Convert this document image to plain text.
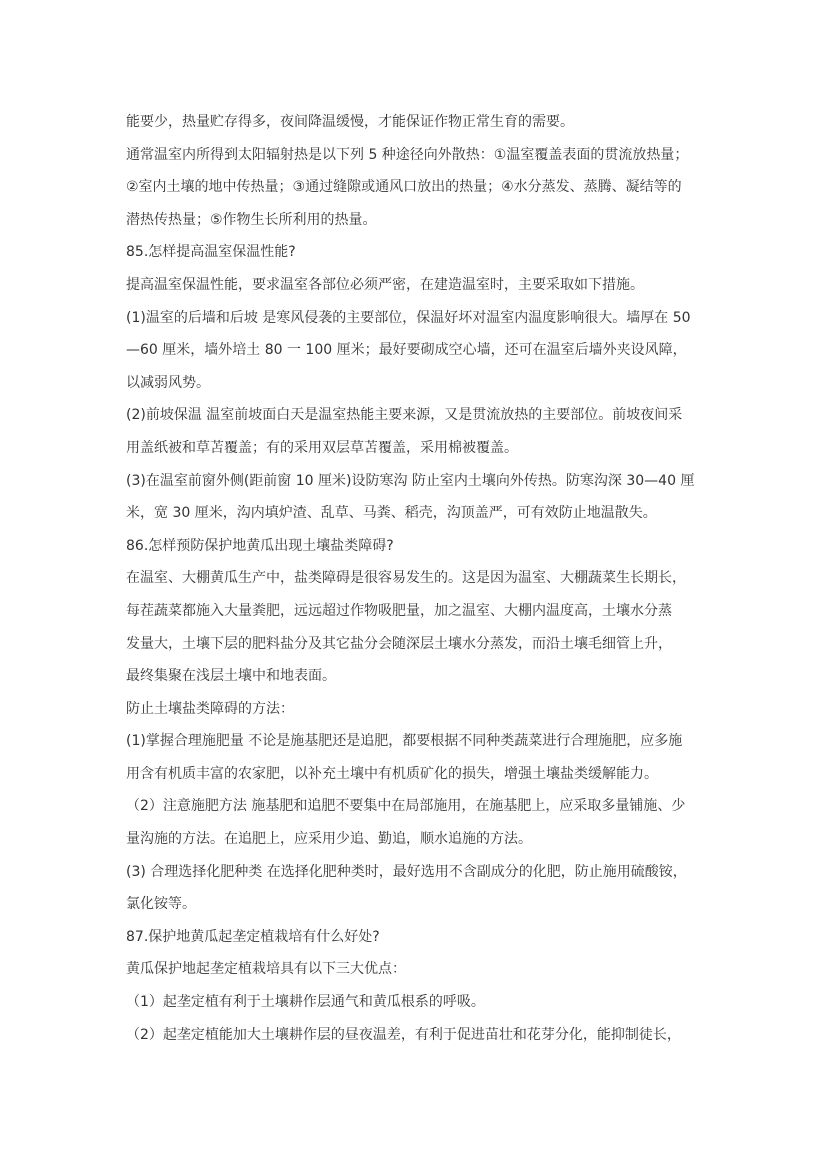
能要少，热量贮存得多，夜间降温缓慢，才能保证作物正常生育的需要。
通常温室内所得到太阳辐射热是以下列 5 种途径向外散热：①温室覆盖表面的贯流放热量；
②室内土壤的地中传热量；③通过缝隙或通风口放出的热量；④水分蒸发、蒸腾、凝结等的
潜热传热量；⑤作物生长所利用的热量。
85.怎样提高温室保温性能?
提高温室保温性能，要求温室各部位必须严密，在建造温室时，主要采取如下措施。
(1)温室的后墙和后坡 是寒风侵袭的主要部位，保温好坏对温室内温度影响很大。墙厚在 50
—60 厘米，墙外培土 80 一 100 厘米；最好要砌成空心墙，还可在温室后墙外夹设风障，
以减弱风势。
(2)前坡保温 温室前坡面白天是温室热能主要来源，又是贯流放热的主要部位。前坡夜间采
用盖纸被和草苫覆盖；有的采用双层草苫覆盖，采用棉被覆盖。
(3)在温室前窗外侧(距前窗 10 厘米)设防寒沟 防止室内土壤向外传热。防寒沟深 30—40 厘
米，宽 30 厘米，沟内填炉渣、乱草、马粪、稻壳，沟顶盖严，可有效防止地温散失。
86.怎样预防保护地黄瓜出现土壤盐类障碍?
在温室、大棚黄瓜生产中，盐类障碍是很容易发生的。这是因为温室、大棚蔬菜生长期长，
每茬蔬菜都施入大量粪肥，远远超过作物吸肥量，加之温室、大棚内温度高，土壤水分蒸
发量大，土壤下层的肥料盐分及其它盐分会随深层土壤水分蒸发，而沿土壤毛细管上升，
最终集聚在浅层土壤中和地表面。
防止土壤盐类障碍的方法：
(1)掌握合理施肥量 不论是施基肥还是追肥，都要根据不同种类蔬菜进行合理施肥，应多施
用含有机质丰富的农家肥，以补充土壤中有机质矿化的损失，增强土壤盐类缓解能力。
（2）注意施肥方法 施基肥和追肥不要集中在局部施用，在施基肥上，应采取多量铺施、少
量沟施的方法。在追肥上，应采用少追、勤追，顺水追施的方法。
(3) 合理选择化肥种类 在选择化肥种类时，最好选用不含副成分的化肥，防止施用硫酸铵，
氯化铵等。
87.保护地黄瓜起垄定植栽培有什么好处?
黄瓜保护地起垄定植栽培具有以下三大优点：
（1）起垄定植有利于土壤耕作层通气和黄瓜根系的呼吸。
（2）起垄定植能加大土壤耕作层的昼夜温差，有利于促进苗壮和花芽分化，能抑制徒长，
